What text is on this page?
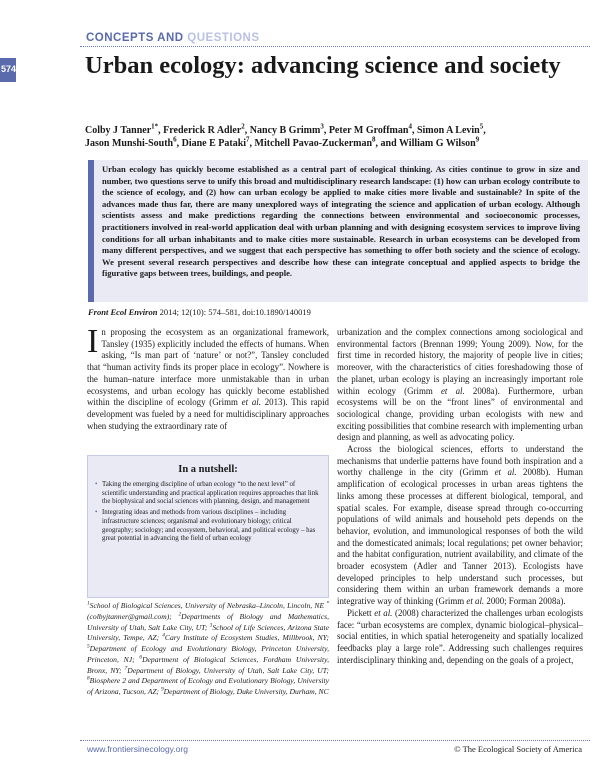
CONCEPTS AND QUESTIONS
574	Urban ecology: advancing science and society
Colby J Tanner$^{1*}$, Frederick R Adler$^2$, Nancy B Grimm$^3$, Peter M Groffman$^4$, Simon A Levin$^5$,
Jason Munshi-South$^6$, Diane E Pataki$^7$, Mitchell Pavao-Zuckerman$^8$, and William G Wilson$^9$

Urban ecology has quickly become established as a central part of ecological thinking. As cities continue to grow in size and number, two questions serve to unify this broad and multidisciplinary research landscape: (1) how can urban ecology contribute to the science of ecology, and (2) how can urban ecology be applied to make cities more livable and sustainable? In spite of the advances made thus far, there are many unexplored ways of integrating the science and application of urban ecology. Although scientists assess and make predictions regarding the connections between environmental and socioeconomic processes, practitioners involved in real-world application deal with urban planning and with designing ecosystem services to improve living conditions for all urban inhabitants and to make cities more sustainable. Research in urban ecosystems can be developed from many different perspectives, and we suggest that each perspective has something to offer both society and the science of ecology. We present several research perspectives and describe how these can integrate conceptual and applied aspects to bridge the figurative gaps between trees, buildings, and people.

Front Ecol Environ 2014; 12(10): 574–581, doi:10.1890/140019

In proposing the ecosystem as an organizational framework, Tansley (1935) explicitly included the effects of humans. When asking, “Is man part of ‘nature’ or not?”, Tansley concluded that “human activity finds its proper place in ecology”. Nowhere is the human–nature interface more unmistakable than in urban ecosystems, and urban ecology has quickly become established within the discipline of ecology (Grimm et al. 2013). This rapid development was fueled by a need for multidisciplinary approaches when studying the extraordinary rate of

In a nutshell:
• Taking the emerging discipline of urban ecology “to the next level” of scientific understanding and practical application requires approaches that link the biophysical and social sciences with planning, design, and management
• Integrating ideas and methods from various disciplines – including infrastructure sciences; organismal and evolutionary biology; critical geography; sociology; and ecosystem, behavioral, and political ecology – has great potential in advancing the field of urban ecology
$^1$School of Biological Sciences, University of Nebraska–Lincoln, Lincoln, NE *(colbyjtanner@gmail.com); $^2$Departments of Biology and Mathematics, University of Utah, Salt Lake City, UT; $^3$School of Life Sciences, Arizona State University, Tempe, AZ; $^4$Cary Institute of Ecosystem Studies, Millbrook, NY; $^5$Department of Ecology and Evolutionary Biology, Princeton University, Princeton, NJ; $^6$Department of Biological Sciences, Fordham University, Bronx, NY; $^7$Department of Biology, University of Utah, Salt Lake City, UT; $^8$Biosphere 2 and Department of Ecology and Evolutionary Biology, University of Arizona, Tucson, AZ; $^9$Department of Biology, Duke University, Durham, NC
urbanization and the complex connections among sociological and environmental factors (Brennan 1999; Young 2009). Now, for the first time in recorded history, the majority of people live in cities; moreover, with the characteristics of cities foreshadowing those of the planet, urban ecology is playing an increasingly important role within ecology (Grimm et al. 2008a). Furthermore, urban ecosystems will be on the “front lines” of environmental and sociological change, providing urban ecologists with new and exciting possibilities that combine research with implementing urban design and planning, as well as advocating policy.
Across the biological sciences, efforts to understand the mechanisms that underlie patterns have found both inspiration and a worthy challenge in the city (Grimm et al. 2008b). Human amplification of ecological processes in urban areas tightens the links among these processes at different biological, temporal, and spatial scales. For example, disease spread through co-occurring populations of wild animals and household pets depends on the behavior, evolution, and immunological responses of both the wild and the domesticated animals; local regulations; pet owner behavior; and the habitat configuration, nutrient availability, and climate of the broader ecosystem (Adler and Tanner 2013). Ecologists have developed principles to help understand such processes, but considering them within an urban framework demands a more integrative way of thinking (Grimm et al. 2000; Forman 2008a).
Pickett et al. (2008) characterized the challenges urban ecologists face: “urban ecosystems are complex, dynamic biological–physical–social entities, in which spatial heterogeneity and spatially localized feedbacks play a large role”. Addressing such challenges requires interdisciplinary thinking and, depending on the goals of a project,
www.frontiersinecology.org	© The Ecological Society of America
